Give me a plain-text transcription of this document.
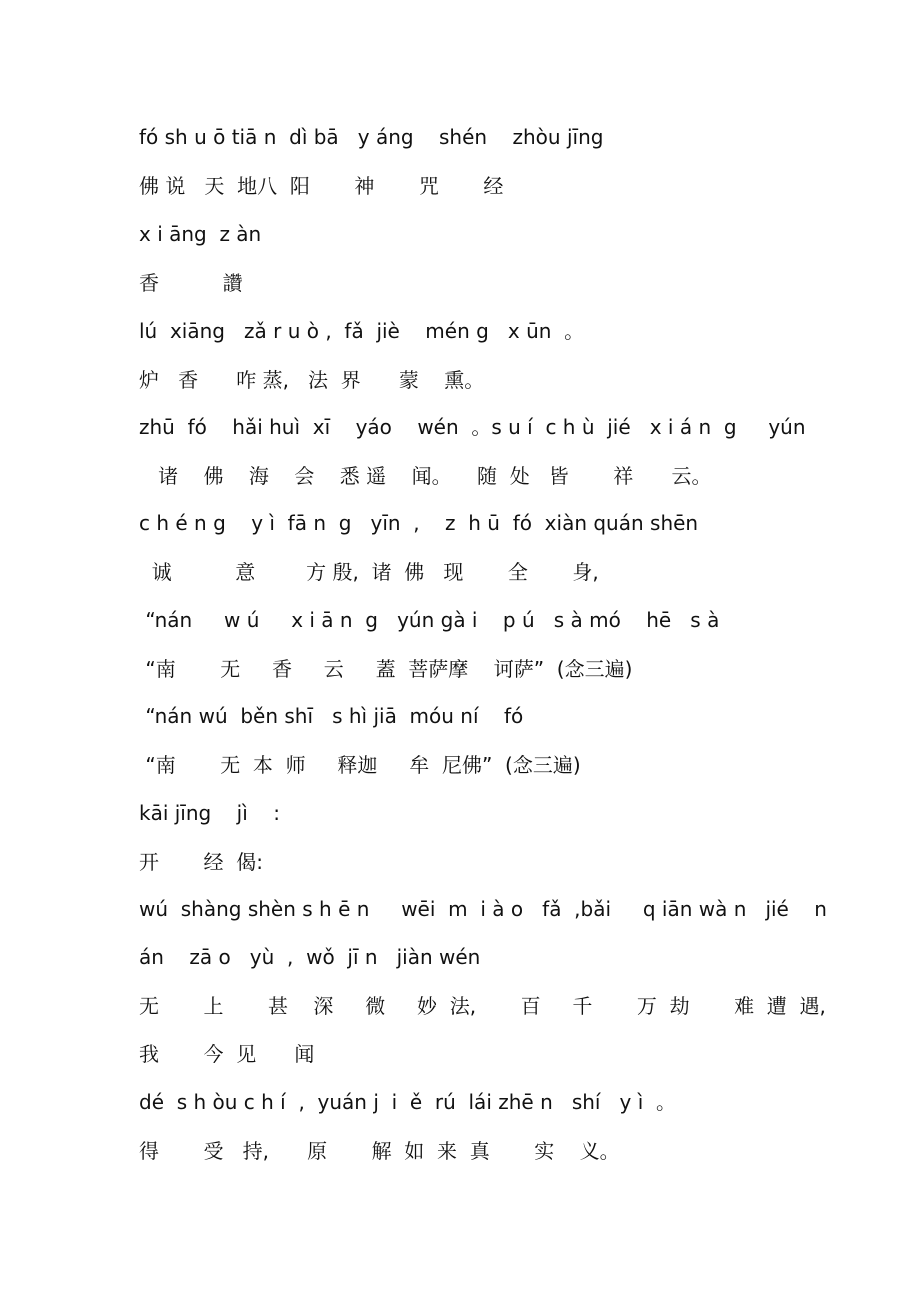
fó sh u ō tiā n  dì bā   y áng    shén    zhòu jīng
佛 说   天  地八  阳       神       咒       经
x i āng  z àn
香          讚
lú  xiāng   zǎ r u ò ,  fǎ  jiè    mén g   x ūn  。
炉   香      咋 蒸,   法  界      蒙    熏。
zhū  fó    hǎi huì  xī    yáo    wén  。s u í  c h ù  jié   x i á n  g     yún
诸    佛    海    会    悉 遥    闻。    随  处   皆       祥      云。
c h é n g    y ì  fā n  g   yīn  ,    z  h ū  fó  xiàn quán shēn
诚          意        方 殷,  诸  佛   现       全       身,
“nán     w ú     x i ā n  g   yún gà i    p ú   s à mó    hē   s à
“南       无     香     云     蓋  菩萨摩    诃萨”  (念三遍)
“nán wú  běn shī   s hì jiā  móu ní    fó
“南       无  本  师     释迦     牟  尼佛”  (念三遍)
kāi jīng    jì    :
开       经  偈:
wú  shàng shèn s h ē n     wēi  m  i à o   fǎ  ,bǎi     q iān wà n   jié    n
án    zā o   yù  ,  wǒ  jī n   jiàn wén
无       上       甚    深     微     妙  法,       百     千       万  劫       难  遭  遇,
我       今  见      闻
dé  s h òu c h í  ,  yuán j  i  ě  rú  lái zhē n   shí   y ì  。
得       受   持,      原       解  如  来  真       实    义。
